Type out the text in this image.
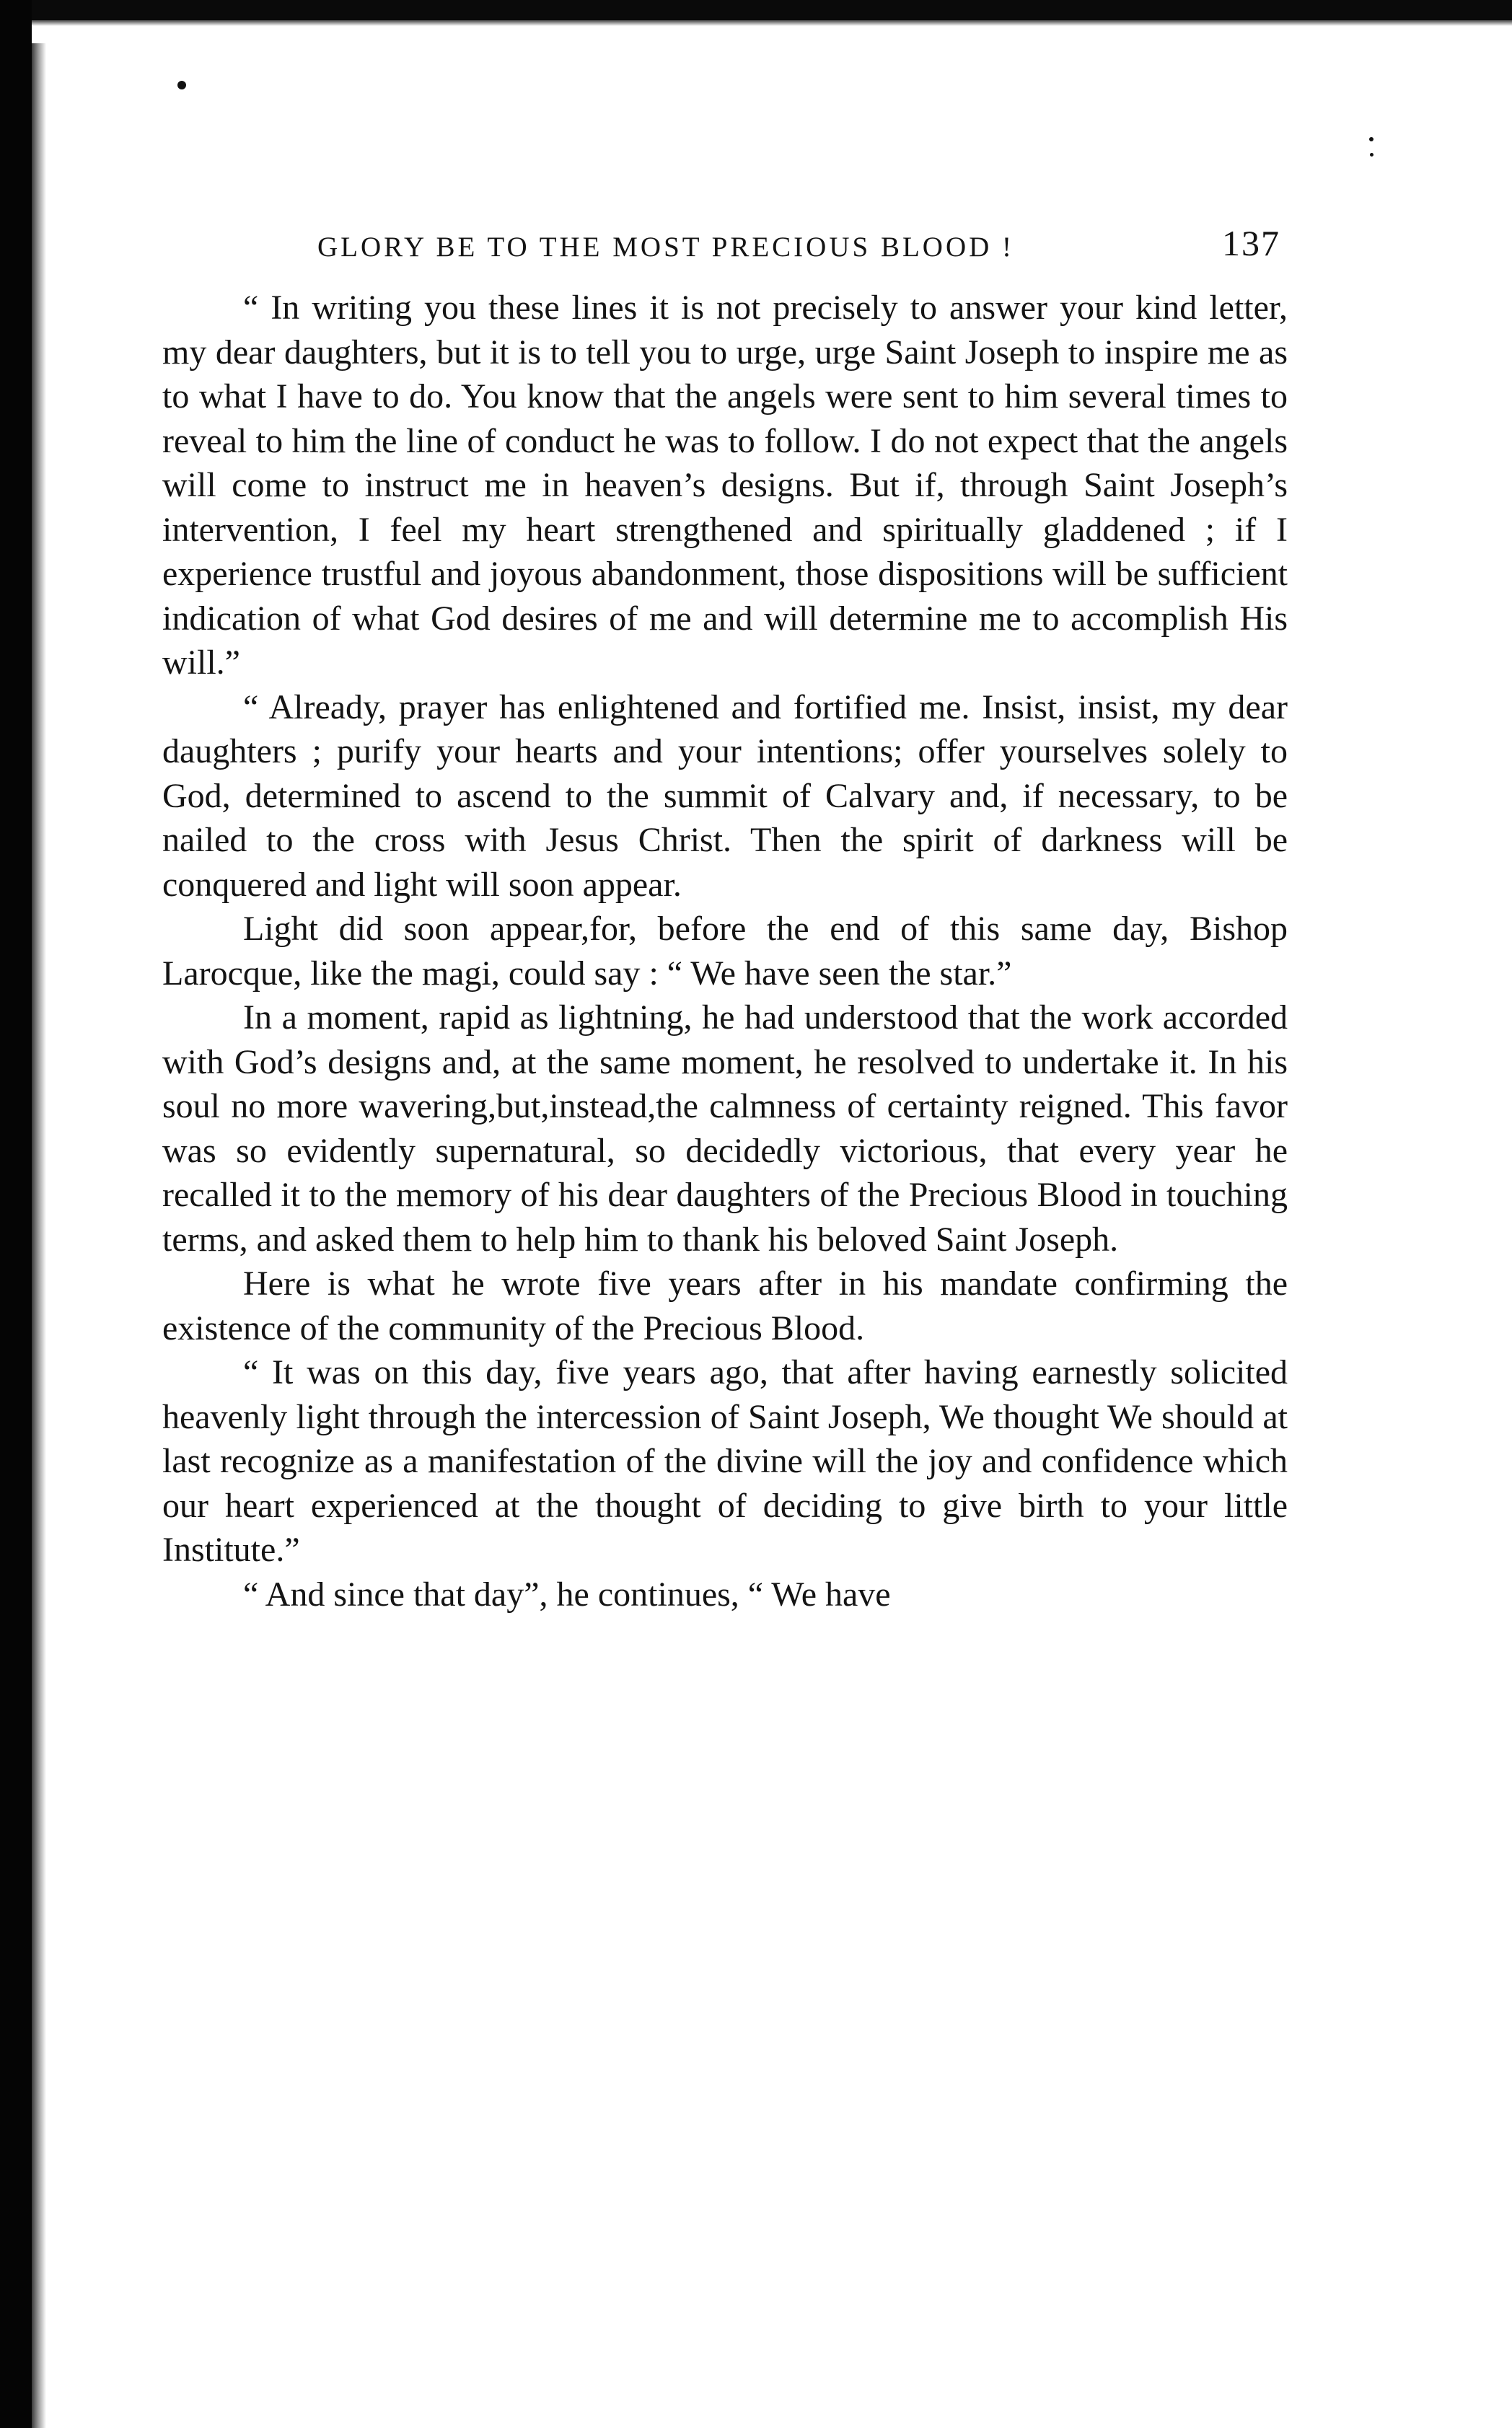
GLORY BE TO THE MOST PRECIOUS BLOOD !	137

“ In writing you these lines it is not precisely to answer your kind letter, my dear daughters, but it is to tell you to urge, urge Saint Joseph to inspire me as to what I have to do. You know that the angels were sent to him several times to reveal to him the line of conduct he was to follow. I do not expect that the angels will come to instruct me in heaven’s designs. But if, through Saint Joseph’s intervention, I feel my heart strengthened and spiritually gladdened ; if I experience trustful and joyous abandonment, those dispositions will be sufficient indication of what God desires of me and will determine me to accomplish His will.”

“ Already, prayer has enlightened and fortified me. Insist, insist, my dear daughters ; purify your hearts and your intentions; offer yourselves solely to God, determined to ascend to the summit of Calvary and, if necessary, to be nailed to the cross with Jesus Christ. Then the spirit of darkness will be conquered and light will soon appear.

Light did soon appear,for, before the end of this same day, Bishop Larocque, like the magi, could say : “ We have seen the star.”

In a moment, rapid as lightning, he had understood that the work accorded with God’s designs and, at the same moment, he resolved to undertake it. In his soul no more wavering,but,instead,the calmness of certainty reigned. This favor was so evidently supernatural, so decidedly victorious, that every year he recalled it to the memory of his dear daughters of the Precious Blood in touching terms, and asked them to help him to thank his beloved Saint Joseph.

Here is what he wrote five years after in his mandate confirming the existence of the community of the Precious Blood.

“ It was on this day, five years ago, that after having earnestly solicited heavenly light through the intercession of Saint Joseph, We thought We should at last recognize as a manifestation of the divine will the joy and confidence which our heart experienced at the thought of deciding to give birth to your little Institute.”

“ And since that day”, he continues, “ We have
